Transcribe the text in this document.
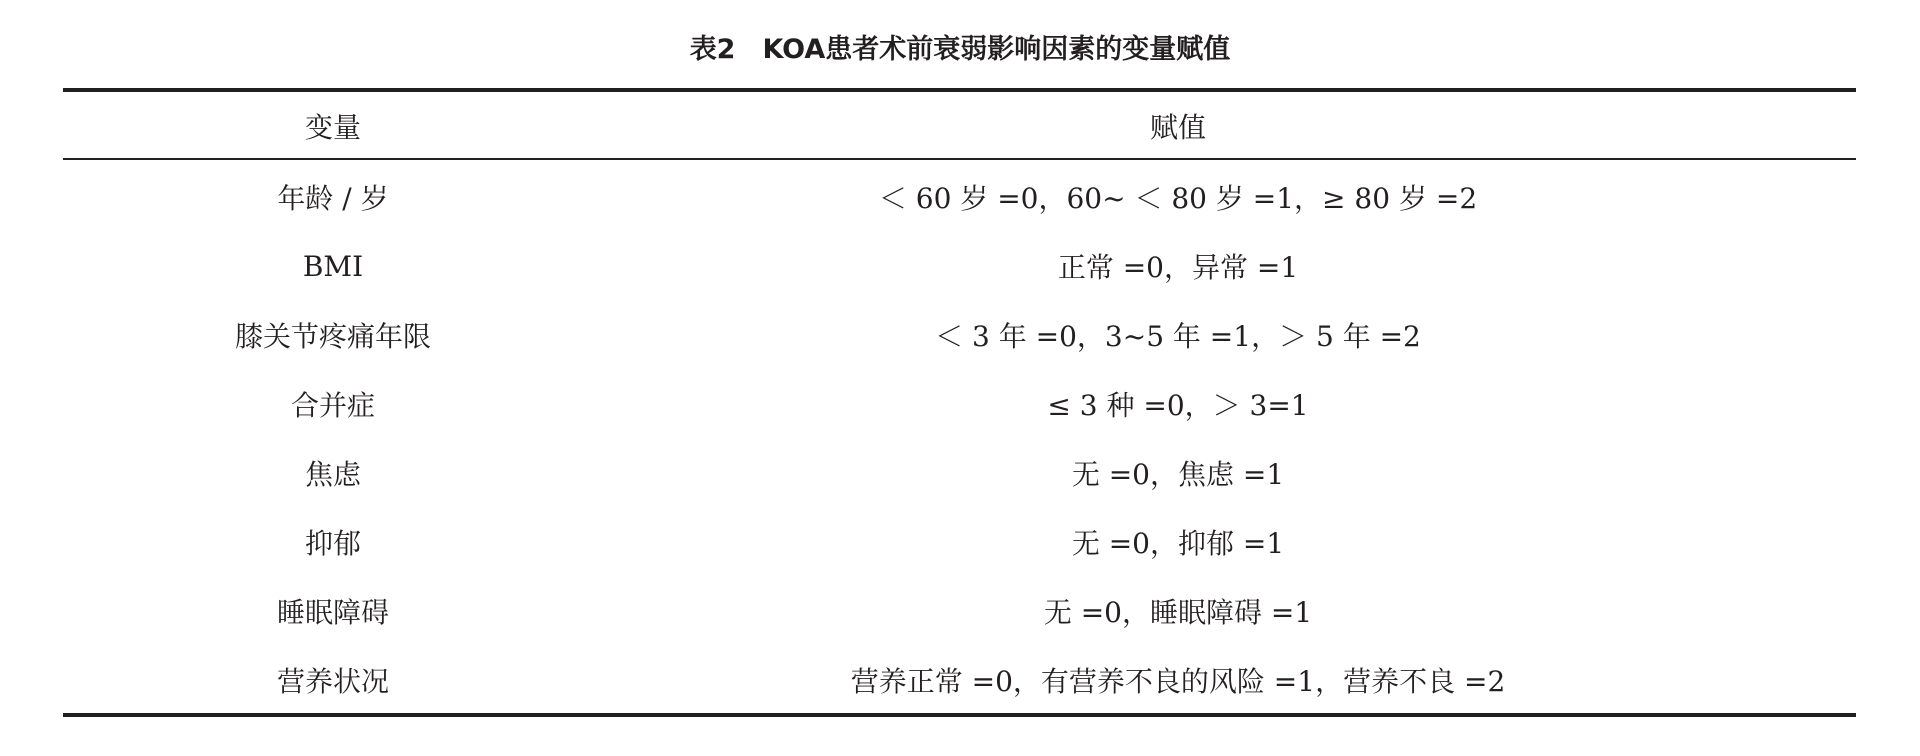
表2　KOA患者术前衰弱影响因素的变量赋值
变量	赋值
年龄 / 岁	＜ 60 岁 =0，60~ ＜ 80 岁 =1，≥ 80 岁 =2
BMI	正常 =0，异常 =1
膝关节疼痛年限	＜ 3 年 =0，3~5 年 =1，＞ 5 年 =2
合并症	≤ 3 种 =0，＞ 3=1
焦虑	无 =0，焦虑 =1
抑郁	无 =0，抑郁 =1
睡眠障碍	无 =0，睡眠障碍 =1
营养状况	营养正常 =0，有营养不良的风险 =1，营养不良 =2
